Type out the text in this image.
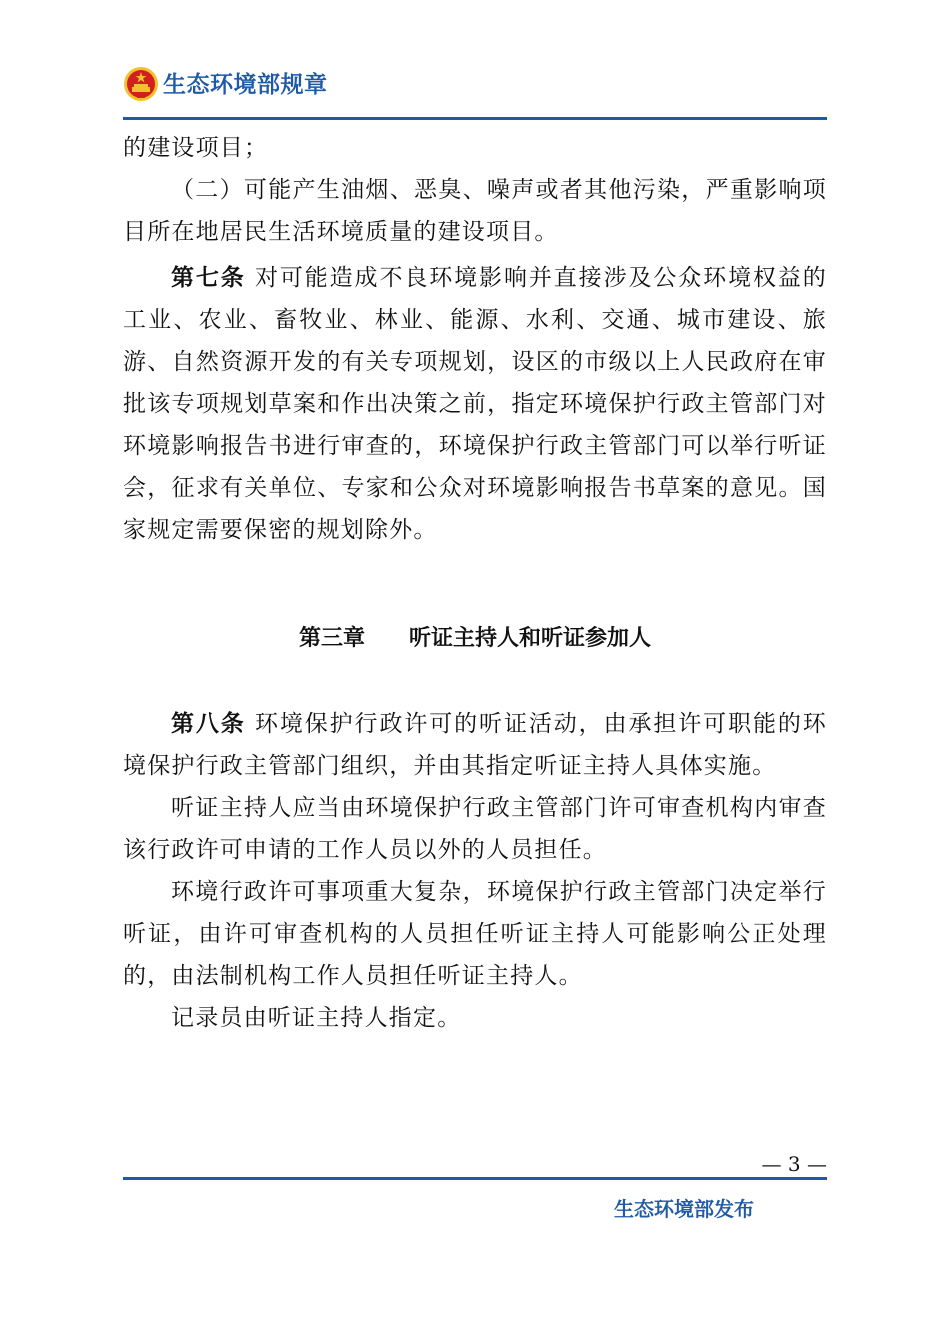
生态环境部规章

的建设项目；

（二）可能产生油烟、恶臭、噪声或者其他污染，严重影响项目所在地居民生活环境质量的建设项目。

第七条 对可能造成不良环境影响并直接涉及公众环境权益的工业、农业、畜牧业、林业、能源、水利、交通、城市建设、旅游、自然资源开发的有关专项规划，设区的市级以上人民政府在审批该专项规划草案和作出决策之前，指定环境保护行政主管部门对环境影响报告书进行审查的，环境保护行政主管部门可以举行听证会，征求有关单位、专家和公众对环境影响报告书草案的意见。国家规定需要保密的规划除外。

第三章 听证主持人和听证参加人

第八条 环境保护行政许可的听证活动，由承担许可职能的环境保护行政主管部门组织，并由其指定听证主持人具体实施。

听证主持人应当由环境保护行政主管部门许可审查机构内审查该行政许可申请的工作人员以外的人员担任。

环境行政许可事项重大复杂，环境保护行政主管部门决定举行听证，由许可审查机构的人员担任听证主持人可能影响公正处理的，由法制机构工作人员担任听证主持人。

记录员由听证主持人指定。

— 3 —
生态环境部发布
